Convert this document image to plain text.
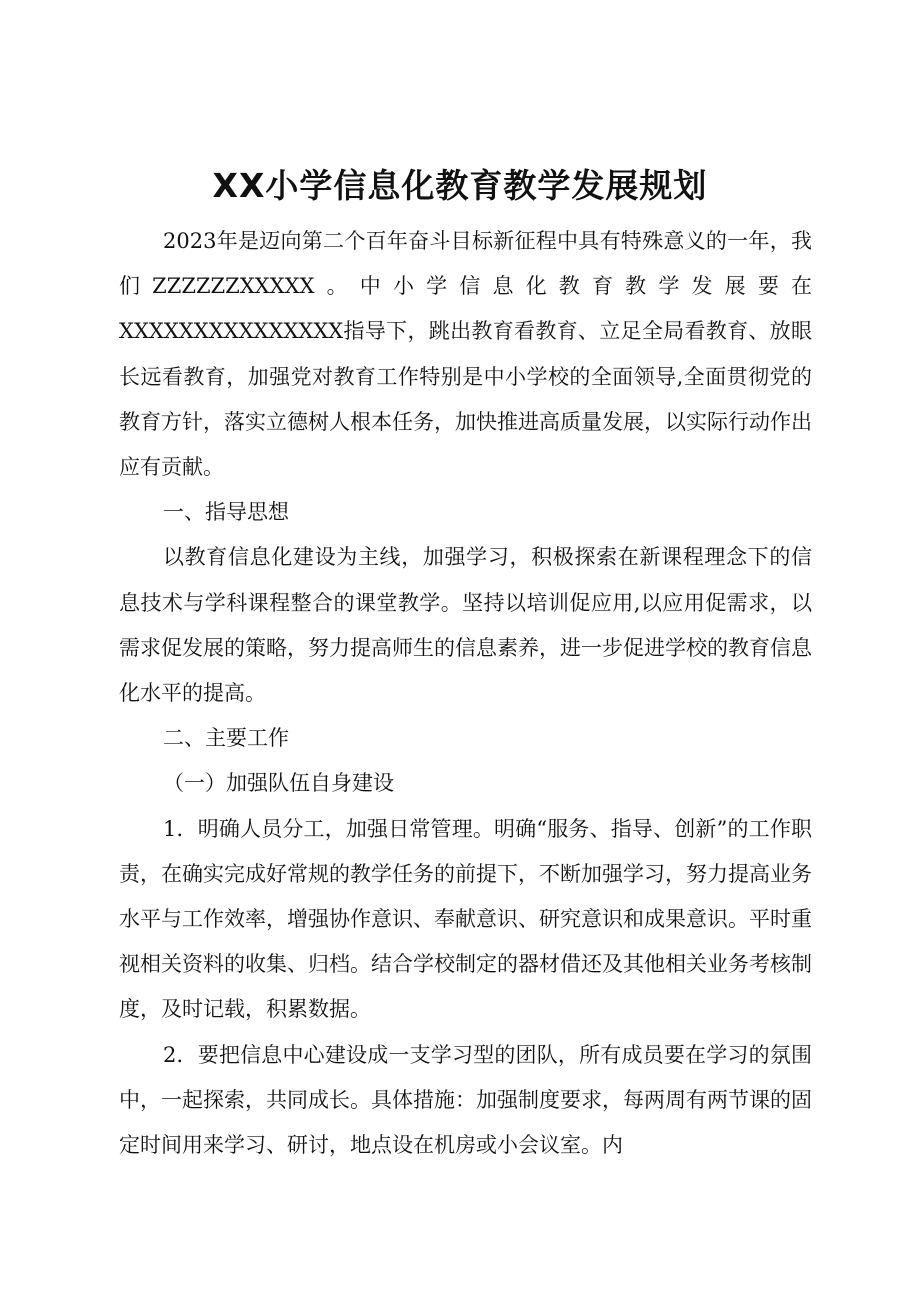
XX小学信息化教育教学发展规划

2023年是迈向第二个百年奋斗目标新征程中具有特殊意义的一年，我们ZZZZZZXXXXX。中小学信息化教育教学发展要在XXXXXXXXXXXXXXX指导下，跳出教育看教育、立足全局看教育、放眼长远看教育，加强党对教育工作特别是中小学校的全面领导,全面贯彻党的教育方针，落实立德树人根本任务，加快推进高质量发展，以实际行动作出应有贡献。

一、指导思想

以教育信息化建设为主线，加强学习，积极探索在新课程理念下的信息技术与学科课程整合的课堂教学。坚持以培训促应用,以应用促需求，以需求促发展的策略，努力提高师生的信息素养，进一步促进学校的教育信息化水平的提高。

二、主要工作

（一）加强队伍自身建设

1．明确人员分工，加强日常管理。明确“服务、指导、创新”的工作职责，在确实完成好常规的教学任务的前提下，不断加强学习，努力提高业务水平与工作效率，增强协作意识、奉献意识、研究意识和成果意识。平时重视相关资料的收集、归档。结合学校制定的器材借还及其他相关业务考核制度，及时记载，积累数据。

2．要把信息中心建设成一支学习型的团队，所有成员要在学习的氛围中，一起探索，共同成长。具体措施：加强制度要求，每两周有两节课的固定时间用来学习、研讨，地点设在机房或小会议室。内
